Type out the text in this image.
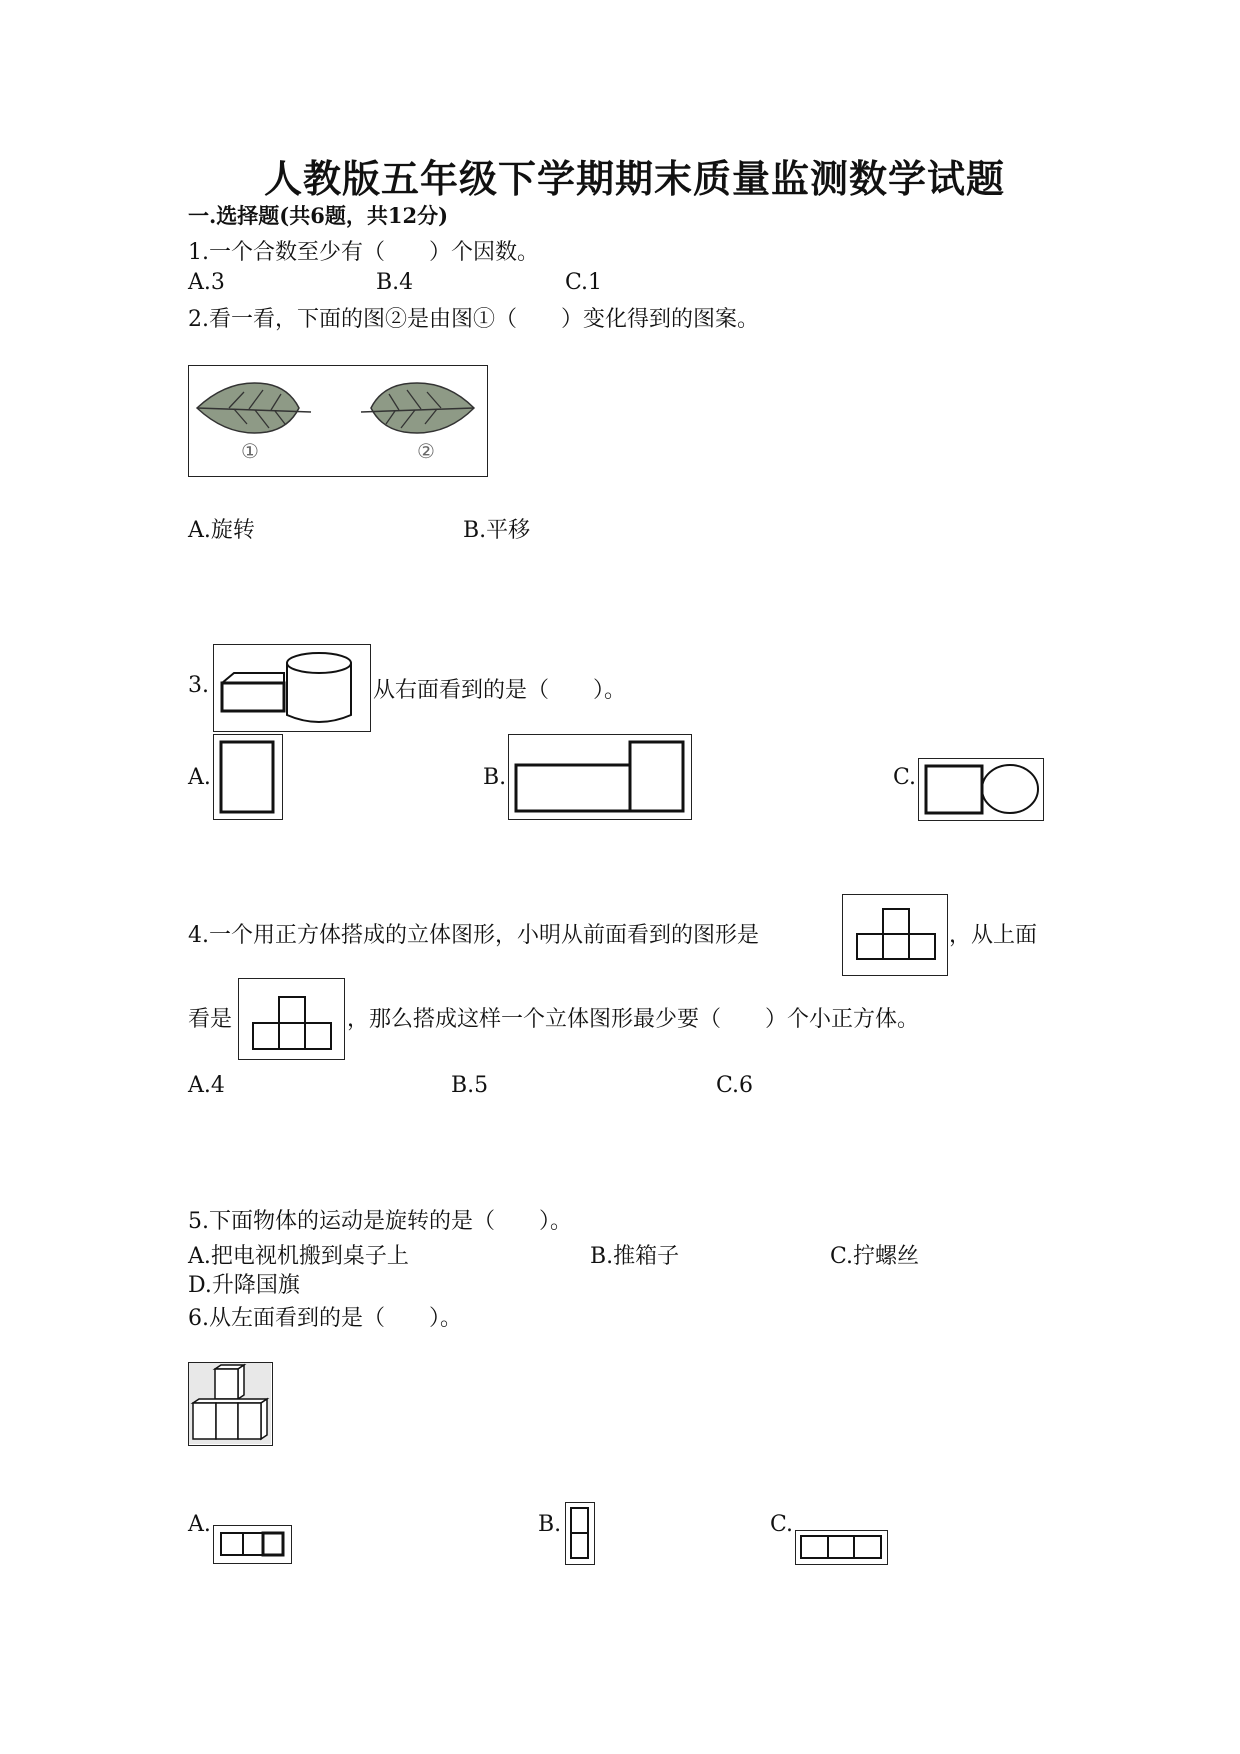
人教版五年级下学期期末质量监测数学试题
一.选择题(共6题，共12分)
1.一个合数至少有（　　）个因数。
A.3	B.4	C.1
2.看一看，下面的图②是由图①（　　）变化得到的图案。
①	②
A.旋转	B.平移
3.	从右面看到的是（　　）。
A.	B.	C.
4.一个用正方体搭成的立体图形，小明从前面看到的图形是	，从上面
看是	，那么搭成这样一个立体图形最少要（　　）个小正方体。
A.4	B.5	C.6
5.下面物体的运动是旋转的是（　　）。
A.把电视机搬到桌子上	B.推箱子	C.拧螺丝
D.升降国旗
6.从左面看到的是（　　）。
A.	B.	C.
